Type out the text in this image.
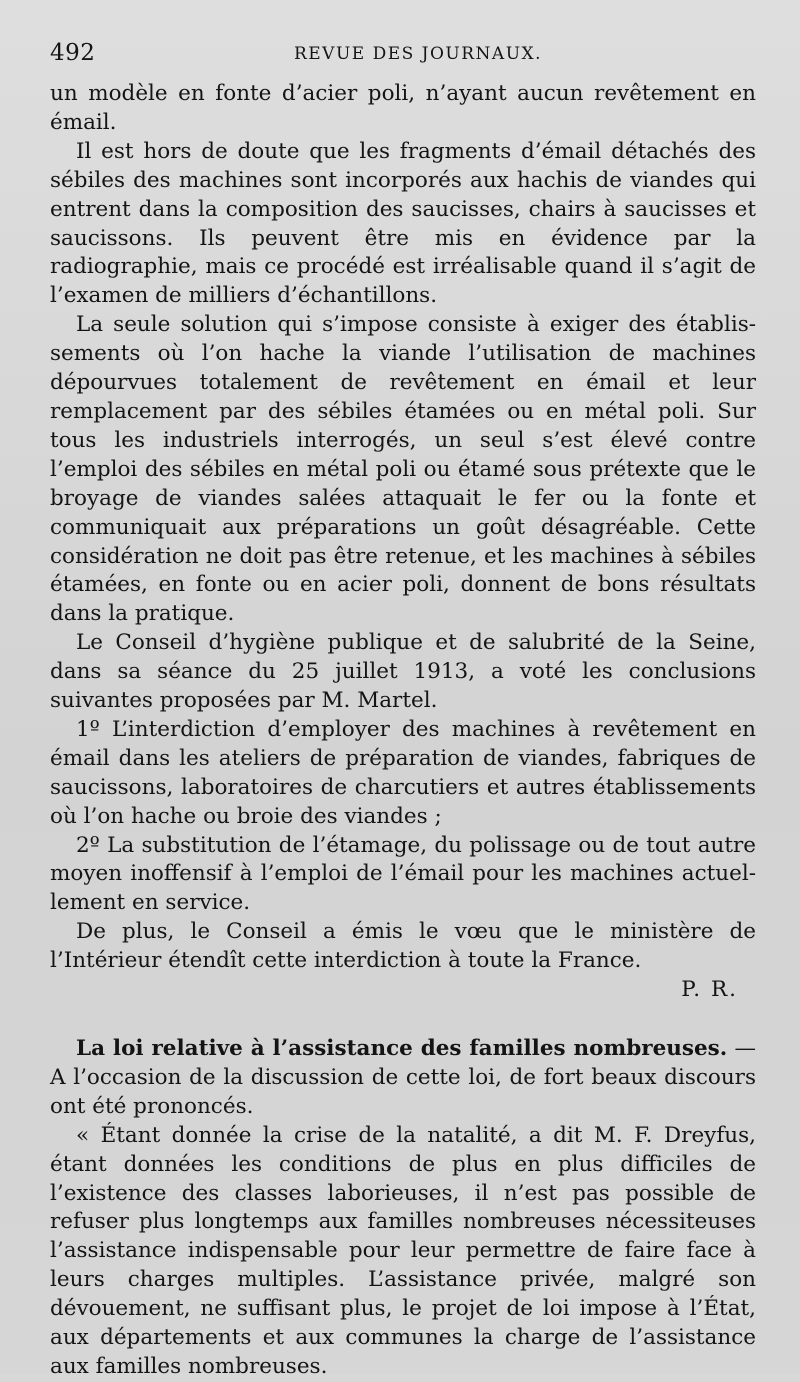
492	REVUE DES JOURNAUX.

un modèle en fonte d’acier poli, n’ayant aucun revêtement en émail.

Il est hors de doute que les fragments d’émail détachés des sébiles des machines sont incorporés aux hachis de viandes qui entrent dans la composition des saucisses, chairs à saucisses et saucissons. Ils peuvent être mis en évidence par la radiographie, mais ce procédé est irréalisable quand il s’agit de l’examen de milliers d’échantillons.

La seule solution qui s’impose consiste à exiger des établissements où l’on hache la viande l’utilisation de machines dépourvues totalement de revêtement en émail et leur remplacement par des sébiles étamées ou en métal poli. Sur tous les industriels interrogés, un seul s’est élevé contre l’emploi des sébiles en métal poli ou étamé sous prétexte que le broyage de viandes salées attaquait le fer ou la fonte et communiquait aux préparations un goût désagréable. Cette considération ne doit pas être retenue, et les machines à sébiles étamées, en fonte ou en acier poli, donnent de bons résultats dans la pratique.

Le Conseil d’hygiène publique et de salubrité de la Seine, dans sa séance du 25 juillet 1913, a voté les conclusions suivantes proposées par M. Martel.

1º L’interdiction d’employer des machines à revêtement en émail dans les ateliers de préparation de viandes, fabriques de saucissons, laboratoires de charcutiers et autres établissements où l’on hache ou broie des viandes ;

2º La substitution de l’étamage, du polissage ou de tout autre moyen inoffensif à l’emploi de l’émail pour les machines actuellement en service.

De plus, le Conseil a émis le vœu que le ministère de l’Intérieur étendît cette interdiction à toute la France.

P. R.

La loi relative à l’assistance des familles nombreuses. — A l’occasion de la discussion de cette loi, de fort beaux discours ont été prononcés.

« Étant donnée la crise de la natalité, a dit M. F. Dreyfus, étant données les conditions de plus en plus difficiles de l’existence des classes laborieuses, il n’est pas possible de refuser plus longtemps aux familles nombreuses nécessiteuses l’assistance indispensable pour leur permettre de faire face à leurs charges multiples. L’assistance privée, malgré son dévouement, ne suffisant plus, le projet de loi impose à l’État, aux départements et aux communes la charge de l’assistance aux familles nombreuses.
